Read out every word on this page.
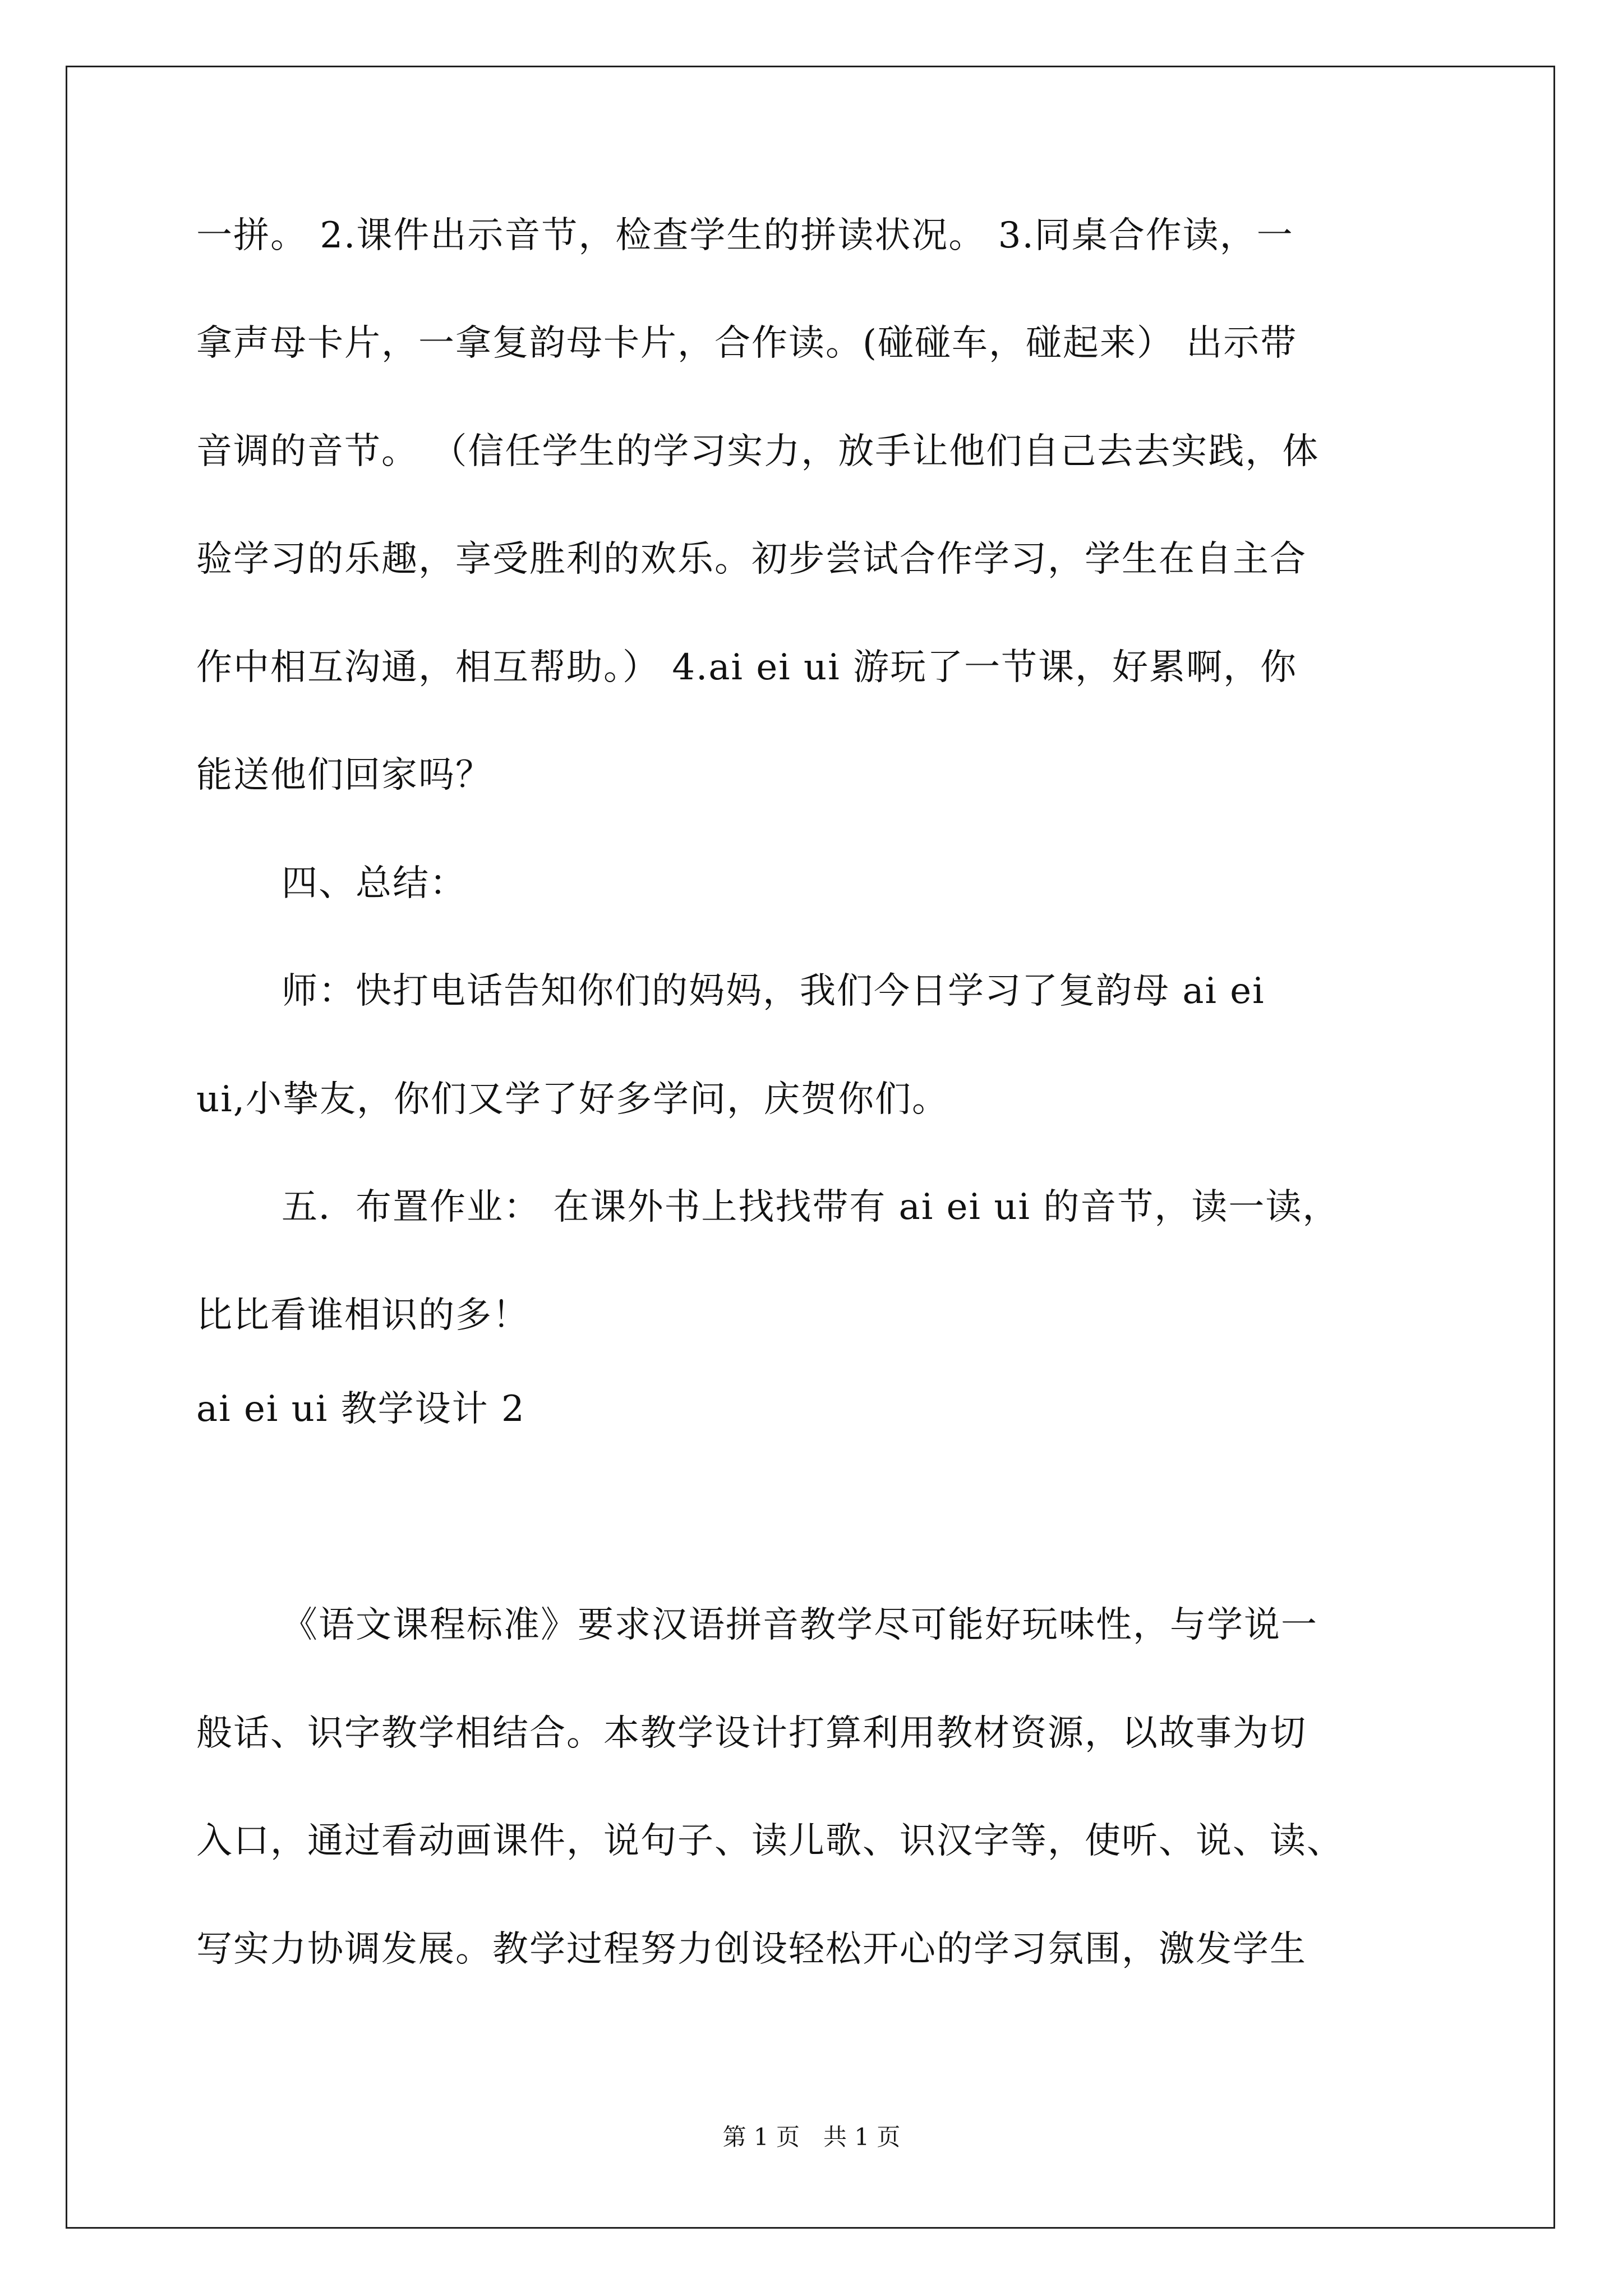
一拼。 2.课件出示音节，检查学生的拼读状况。 3.同桌合作读，一
拿声母卡片，一拿复韵母卡片，合作读。(碰碰车，碰起来） 出示带
音调的音节。 （信任学生的学习实力，放手让他们自己去去实践，体
验学习的乐趣，享受胜利的欢乐。初步尝试合作学习，学生在自主合
作中相互沟通，相互帮助。） 4.ai ei ui 游玩了一节课，好累啊，你
能送他们回家吗？
四、总结：
师：快打电话告知你们的妈妈，我们今日学习了复韵母 ai ei
ui,小挚友，你们又学了好多学问，庆贺你们。
五．布置作业： 在课外书上找找带有 ai ei ui 的音节，读一读，
比比看谁相识的多！
ai ei ui 教学设计 2
《语文课程标准》要求汉语拼音教学尽可能好玩味性，与学说一
般话、识字教学相结合。本教学设计打算利用教材资源，以故事为切
入口，通过看动画课件，说句子、读儿歌、识汉字等，使听、说、读、
写实力协调发展。教学过程努力创设轻松开心的学习氛围，激发学生
第 1 页　共 1 页
